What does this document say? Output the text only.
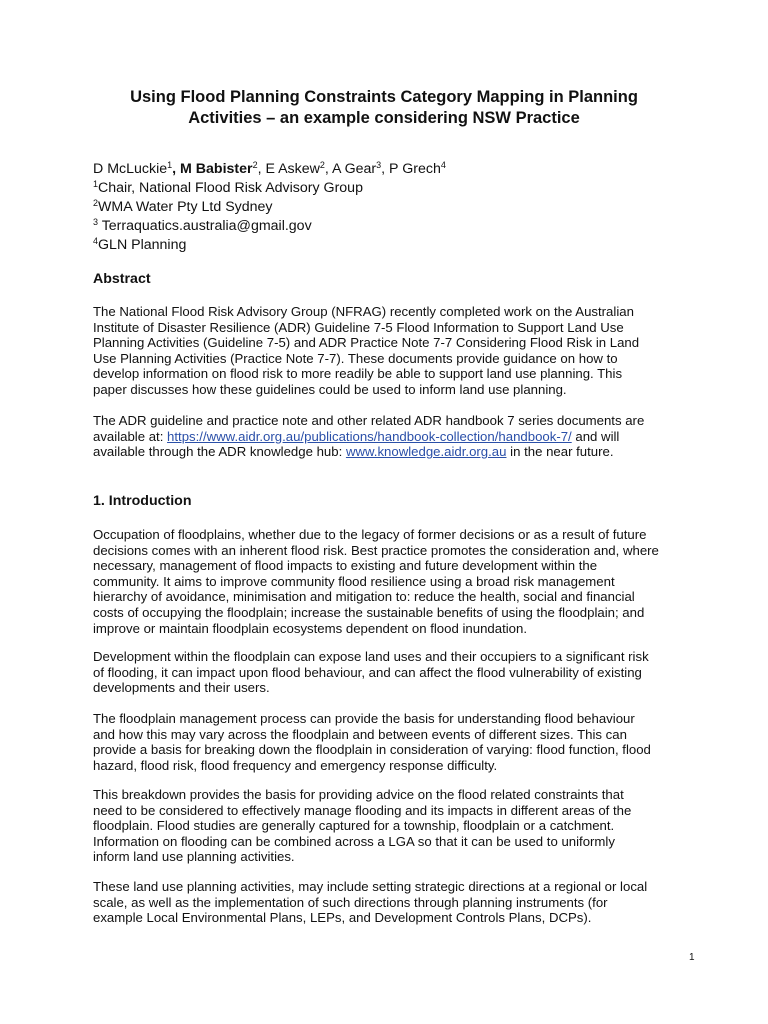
Using Flood Planning Constraints Category Mapping in Planning
Activities – an example considering NSW Practice
D McLuckie$^1$, M Babister$^2$, E Askew$^2$, A Gear$^3$, P Grech$^4$
$^1$Chair, National Flood Risk Advisory Group
$^2$WMA Water Pty Ltd Sydney
$^3$ Terraquatics.australia@gmail.gov
$^4$GLN Planning
Abstract
The National Flood Risk Advisory Group (NFRAG) recently completed work on the Australian
Institute of Disaster Resilience (ADR) Guideline 7-5 Flood Information to Support Land Use
Planning Activities (Guideline 7-5) and ADR Practice Note 7-7 Considering Flood Risk in Land
Use Planning Activities (Practice Note 7-7). These documents provide guidance on how to
develop information on flood risk to more readily be able to support land use planning. This
paper discusses how these guidelines could be used to inform land use planning.
The ADR guideline and practice note and other related ADR handbook 7 series documents are
available at: https://www.aidr.org.au/publications/handbook-collection/handbook-7/ and will
available through the ADR knowledge hub: www.knowledge.aidr.org.au in the near future.
1. Introduction
Occupation of floodplains, whether due to the legacy of former decisions or as a result of future
decisions comes with an inherent flood risk. Best practice promotes the consideration and, where
necessary, management of flood impacts to existing and future development within the
community. It aims to improve community flood resilience using a broad risk management
hierarchy of avoidance, minimisation and mitigation to: reduce the health, social and financial
costs of occupying the floodplain; increase the sustainable benefits of using the floodplain; and
improve or maintain floodplain ecosystems dependent on flood inundation.
Development within the floodplain can expose land uses and their occupiers to a significant risk
of flooding, it can impact upon flood behaviour, and can affect the flood vulnerability of existing
developments and their users.
The floodplain management process can provide the basis for understanding flood behaviour
and how this may vary across the floodplain and between events of different sizes. This can
provide a basis for breaking down the floodplain in consideration of varying: flood function, flood
hazard, flood risk, flood frequency and emergency response difficulty.
This breakdown provides the basis for providing advice on the flood related constraints that
need to be considered to effectively manage flooding and its impacts in different areas of the
floodplain. Flood studies are generally captured for a township, floodplain or a catchment.
Information on flooding can be combined across a LGA so that it can be used to uniformly
inform land use planning activities.
These land use planning activities, may include setting strategic directions at a regional or local
scale, as well as the implementation of such directions through planning instruments (for
example Local Environmental Plans, LEPs, and Development Controls Plans, DCPs).
1
